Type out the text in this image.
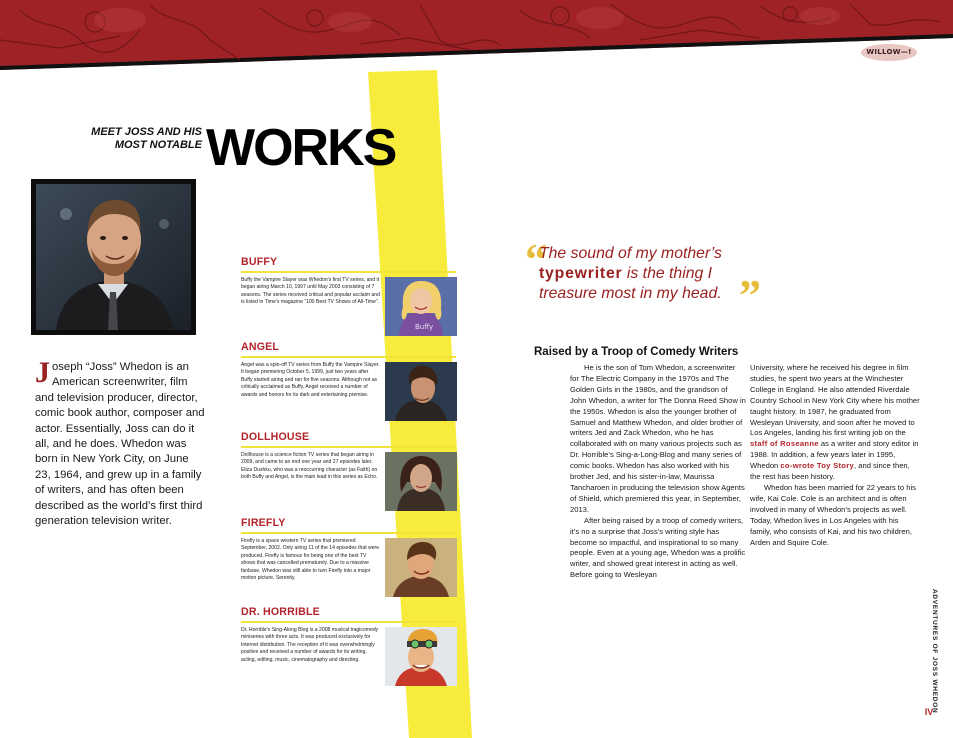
WILLOW—!
MEET JOSS AND HIS MOST NOTABLE WORKS
Joseph “Joss” Whedon is an American screenwriter, film and television producer, director, comic book author, composer and actor. Essentially, Joss can do it all, and he does. Whedon was born in New York City, on June 23, 1964, and grew up in a family of writers, and has often been described as the world’s first third generation television writer.
BUFFY
Buffy the Vampire Slayer was Whedon’s first TV series, and it began airing March 10, 1997 until May 2003 consisting of 7 seasons. The series received critical and popular acclaim and is listed in Time’s magazine “100 Best TV Shows of All-Time”.
Buffy
ANGEL
Angel was a spin-off TV series from Buffy the Vampire Slayer. It began premiering October 5, 1999, just two years after Buffy started airing and ran for five seasons. Although not as critically acclaimed as Buffy, Angel received a number of awards and honors for its dark and entertaining premise.
DOLLHOUSE
Dollhouse is a science fiction TV series that began airing in 2009, and came to an end one year and 27 episodes later. Eliza Dushku, who was a reoccurring character (as Faith) on both Buffy and Angel, is the main lead in this series as Echo.
FIREFLY
Firefly is a space western TV series that premiered September, 2002. Only airing 11 of the 14 episodes that were produced, Firefly is famous for being one of the best TV shows that was cancelled prematurely. Due to a massive fanbase, Whedon was still able to turn Firefly into a major motion picture, Serenity.
DR. HORRIBLE
Dr. Horrible’s Sing-Along Blog is a 2008 musical tragicomedy miniseries with three acts. It was produced exclusively for Internet distribution. The reception of it was overwhelmingly positive and received a number of awards for its writing, acting, editing, music, cinematography and directing.
“
The sound of my mother’s typewriter is the thing I treasure most in my head. ”
Raised by a Troop of Comedy Writers

He is the son of Tom Whedon, a screenwriter for The Electric Company in the 1970s and The Golden Girls in the 1980s, and the grandson of John Whedon, a writer for The Donna Reed Show in the 1950s. Whedon is also the younger brother of Samuel and Matthew Whedon, and older brother of writers Jed and Zack Whedon, who he has collaborated with on many various projects such as Dr. Horrible’s Sing-a-Long-Blog and many series of comic books. Whedon has also worked with his brother Jed, and his sister-in-law, Maurissa Tancharoen in producing the television show Agents of Shield, which premiered this year, in September, 2013.

After being raised by a troop of comedy writers, it’s no a surprise that Joss’s writing style has become so impactful, and inspirational to so many people. Even at a young age, Whedon was a prolific writer, and showed great interest in acting as well. Before going to Wesleyan

University, where he received his degree in film studies, he spent two years at the Winchester College in England. He also attended Riverdale Country School in New York City where his mother taught history. In 1987, he graduated from Wesleyan University, and soon after he moved to Los Angeles, landing his first writing job on the staff of Roseanne as a writer and story editor in 1988. In addition, a few years later in 1995, Whedon co-wrote Toy Story, and since then, the rest has been history.

Whedon has been married for 22 years to his wife, Kai Cole. Cole is an architect and is often involved in many of Whedon’s projects as well. Today, Whedon lives in Los Angeles with his family, who consists of Kai, and his two children, Arden and Squire Cole.

ADVENTURES OF JOSS WHEDON
IV
